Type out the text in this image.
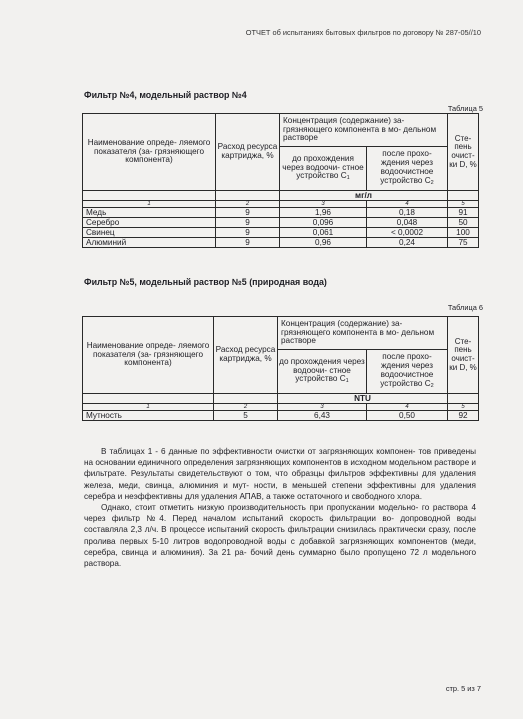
ОТЧЕТ об испытаниях бытовых фильтров по договору № 287-05//10
Фильтр №4, модельный раствор №4
Таблица 5
Наименование опреде- ляемого показателя (за- грязняющего компонента)	Расход ресурса картриджа, %	Концентрация (содержание) за- грязняющего компонента в мо- дельном растворе		Сте- пень очист- ки D, %
		до прохождения через водоочи- стное устройство C1	после прохо- ждения через водоочистное устройство C2	
		мг/л		
1	2	3	4	5
Медь	9	1,96	0,18	91
Серебро	9	0,096	0,048	50
Свинец	9	0,061	< 0,0002	100
Алюминий	9	0,96	0,24	75
Фильтр №5, модельный раствор №5 (природная вода)
Таблица 6
Наименование опреде- ляемого показателя (за- грязняющего компонента)	Расход ресурса картриджа, %	Концентрация (содержание) за- грязняющего компонента в мо- дельном растворе		Сте- пень очист- ки D, %
		до прохождения через водоочи- стное устройство C1	после прохо- ждения через водоочистное устройство C2	
		NTU		
1	2	3	4	5
Мутность	5	6,43	0,50	92

В таблицах 1 - 6 данные по эффективности очистки от загрязняющих компонен- тов приведены на основании единичного определения загрязняющих компонентов в исходном модельном растворе и фильтрате. Результаты свидетельствуют о том, что образцы фильтров эффективны для удаления железа, меди, свинца, алюминия и мут- ности, в меньшей степени эффективны для удаления серебра и неэффективны для удаления АПАВ, а также остаточного и свободного хлора.

Однако, стоит отметить низкую производительность при пропускании модельно- го раствора 4 через фильтр №4. Перед началом испытаний скорость фильтрации во- допроводной воды составляла 2,3 л/ч. В процессе испытаний скорость фильтрации снизилась практически сразу, после пролива первых 5-10 литров водопроводной воды с добавкой загрязняющих компонентов (меди, серебра, свинца и алюминия). За 21 ра- бочий день суммарно было пропущено 72 л модельного раствора.

стр. 5 из 7
